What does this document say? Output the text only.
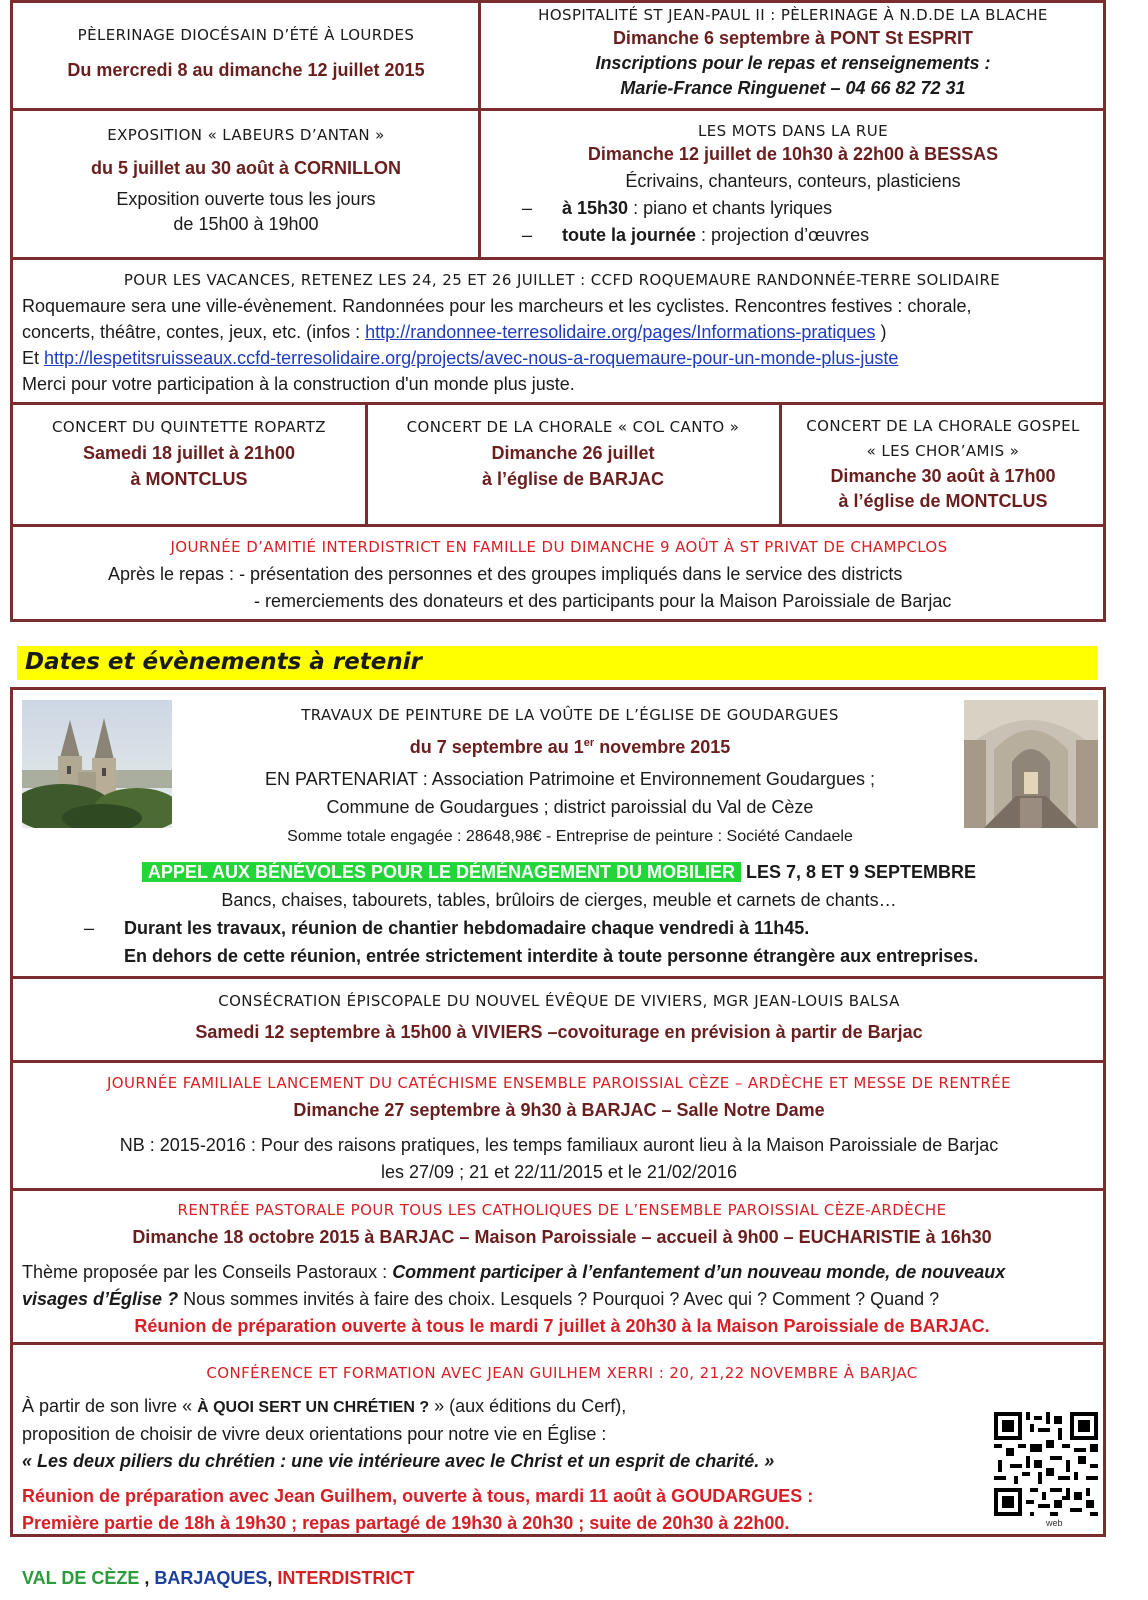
PÈLERINAGE DIOCÉSAIN D’ÉTÉ À LOURDES
Du mercredi 8 au dimanche 12 juillet 2015
HOSPITALITÉ ST JEAN-PAUL II : PÈLERINAGE À N.D.DE LA BLACHE
Dimanche 6 septembre à PONT St ESPRIT
Inscriptions pour le repas et renseignements :
Marie-France Ringuenet – 04 66 82 72 31
EXPOSITION « LABEURS D’ANTAN »
du 5 juillet au 30 août à CORNILLON
Exposition ouverte tous les jours
de 15h00 à 19h00
LES MOTS DANS LA RUE
Dimanche 12 juillet de 10h30 à 22h00 à BESSAS
Écrivains, chanteurs, conteurs, plasticiens
– à 15h30 : piano et chants lyriques
– toute la journée : projection d’œuvres
POUR LES VACANCES, RETENEZ LES 24, 25 ET 26 JUILLET : CCFD ROQUEMAURE RANDONNÉE-TERRE SOLIDAIRE
Roquemaure sera une ville-évènement. Randonnées pour les marcheurs et les cyclistes. Rencontres festives : chorale,
concerts, théâtre, contes, jeux, etc. (infos : http://randonnee-terresolidaire.org/pages/Informations-pratiques )
Et http://lespetitsruisseaux.ccfd-terresolidaire.org/projects/avec-nous-a-roquemaure-pour-un-monde-plus-juste
Merci pour votre participation à la construction d'un monde plus juste.
CONCERT DU QUINTETTE ROPARTZ
Samedi 18 juillet à 21h00
à MONTCLUS
CONCERT DE LA CHORALE « COL CANTO »
Dimanche 26 juillet
à l’église de BARJAC
CONCERT DE LA CHORALE GOSPEL
« LES CHOR’AMIS »
Dimanche 30 août à 17h00
à l’église de MONTCLUS
JOURNÉE D’AMITIÉ INTERDISTRICT EN FAMILLE DU DIMANCHE 9 AOÛT À ST PRIVAT DE CHAMPCLOS
Après le repas : - présentation des personnes et des groupes impliqués dans le service des districts
- remerciements des donateurs et des participants pour la Maison Paroissiale de Barjac
Dates et évènements à retenir
TRAVAUX DE PEINTURE DE LA VOÛTE DE L’ÉGLISE DE GOUDARGUES
du 7 septembre au 1er novembre 2015
EN PARTENARIAT : Association Patrimoine et Environnement Goudargues ;
Commune de Goudargues ; district paroissial du Val de Cèze
Somme totale engagée : 28648,98€ - Entreprise de peinture : Société Candaele
APPEL AUX BÉNÉVOLES POUR LE DÉMÉNAGEMENT DU MOBILIER LES 7, 8 ET 9 SEPTEMBRE
Bancs, chaises, tabourets, tables, brûloirs de cierges, meuble et carnets de chants…
– Durant les travaux, réunion de chantier hebdomadaire chaque vendredi à 11h45.
En dehors de cette réunion, entrée strictement interdite à toute personne étrangère aux entreprises.
CONSÉCRATION ÉPISCOPALE DU NOUVEL ÉVÊQUE DE VIVIERS, MGR JEAN-LOUIS BALSA
Samedi 12 septembre à 15h00 à VIVIERS –covoiturage en prévision à partir de Barjac
JOURNÉE FAMILIALE LANCEMENT DU CATÉCHISME ENSEMBLE PAROISSIAL CÈZE – ARDÈCHE ET MESSE DE RENTRÉE
Dimanche 27 septembre à 9h30 à BARJAC – Salle Notre Dame
NB : 2015-2016 : Pour des raisons pratiques, les temps familiaux auront lieu à la Maison Paroissiale de Barjac
les 27/09 ; 21 et 22/11/2015 et le 21/02/2016
RENTRÉE PASTORALE POUR TOUS LES CATHOLIQUES DE L’ENSEMBLE PAROISSIAL CÈZE-ARDÈCHE
Dimanche 18 octobre 2015 à BARJAC – Maison Paroissiale – accueil à 9h00 – EUCHARISTIE à 16h30
Thème proposée par les Conseils Pastoraux : Comment participer à l’enfantement d’un nouveau monde, de nouveaux
visages d’Église ? Nous sommes invités à faire des choix. Lesquels ? Pourquoi ? Avec qui ? Comment ? Quand ?
Réunion de préparation ouverte à tous le mardi 7 juillet à 20h30 à la Maison Paroissiale de BARJAC.
CONFÉRENCE ET FORMATION AVEC JEAN GUILHEM XERRI : 20, 21,22 NOVEMBRE À BARJAC
À partir de son livre « À QUOI SERT UN CHRÉTIEN ? » (aux éditions du Cerf),
proposition de choisir de vivre deux orientations pour notre vie en Église :
« Les deux piliers du chrétien : une vie intérieure avec le Christ et un esprit de charité. »
Réunion de préparation avec Jean Guilhem, ouverte à tous, mardi 11 août à GOUDARGUES :
Première partie de 18h à 19h30 ; repas partagé de 19h30 à 20h30 ; suite de 20h30 à 22h00.	web
VAL DE CÈZE , BARJAQUES, INTERDISTRICT
